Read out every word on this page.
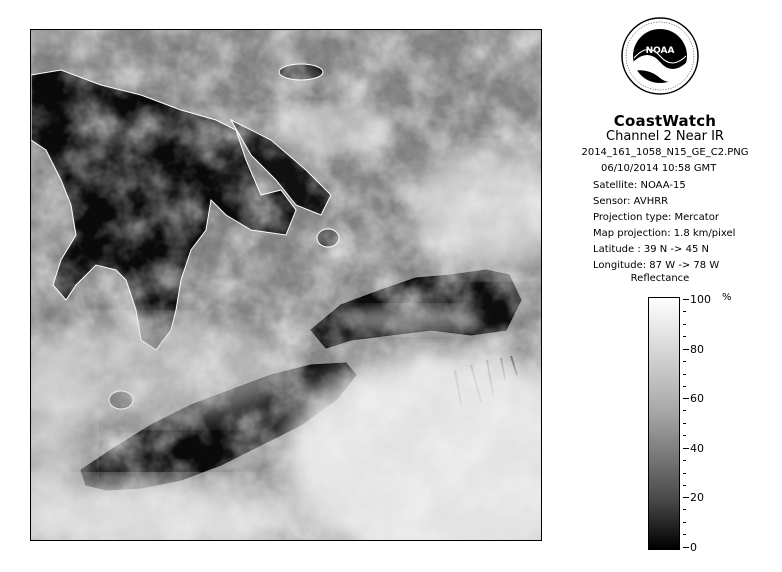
NOAA
CoastWatch
Channel 2 Near IR
2014_161_1058_N15_GE_C2.PNG
06/10/2014 10:58 GMT
Satellite: NOAA-15
Sensor: AVHRR
Projection type: Mercator
Map projection: 1.8 km/pixel
Latitude : 39 N -> 45 N
Longitude: 87 W -> 78 W
Reflectance
%
100
80
60
40
20
0
